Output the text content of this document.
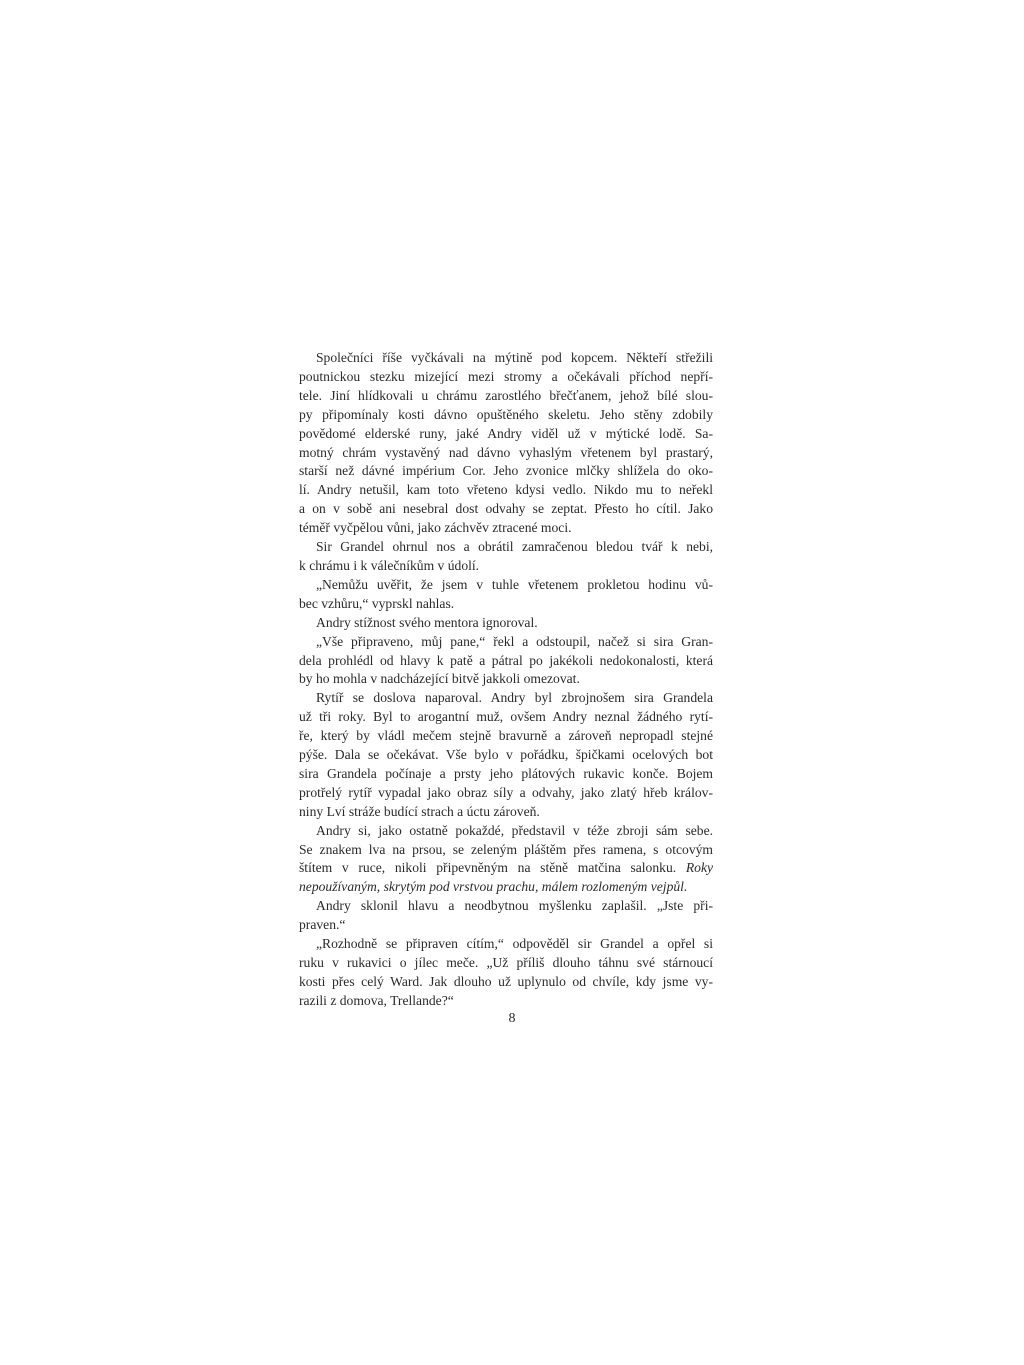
Společníci říše vyčkávali na mýtině pod kopcem. Někteří střežili
poutnickou stezku mizející mezi stromy a očekávali příchod nepří-
tele. Jiní hlídkovali u chrámu zarostlého břečťanem, jehož bílé slou-
py připomínaly kosti dávno opuštěného skeletu. Jeho stěny zdobily
povědomé elderské runy, jaké Andry viděl už v mýtické lodě. Sa-
motný chrám vystavěný nad dávno vyhaslým vřetenem byl prastarý,
starší než dávné impérium Cor. Jeho zvonice mlčky shlížela do oko-
lí. Andry netušil, kam toto vřeteno kdysi vedlo. Nikdo mu to neřekl
a on v sobě ani nesebral dost odvahy se zeptat. Přesto ho cítil. Jako
téměř vyčpělou vůni, jako záchvěv ztracené moci.

Sir Grandel ohrnul nos a obrátil zamračenou bledou tvář k nebi,
k chrámu i k válečníkům v údolí.

„Nemůžu uvěřit, že jsem v tuhle vřetenem prokletou hodinu vů-
bec vzhůru,“ vyprskl nahlas.

Andry stížnost svého mentora ignoroval.

„Vše připraveno, můj pane,“ řekl a odstoupil, načež si sira Gran-
dela prohlédl od hlavy k patě a pátral po jakékoli nedokonalosti, která
by ho mohla v nadcházející bitvě jakkoli omezovat.

Rytíř se doslova naparoval. Andry byl zbrojnošem sira Grandela
už tři roky. Byl to arogantní muž, ovšem Andry neznal žádného rytí-
ře, který by vládl mečem stejně bravurně a zároveň nepropadl stejné
pýše. Dala se očekávat. Vše bylo v pořádku, špičkami ocelových bot
sira Grandela počínaje a prsty jeho plátových rukavic konče. Bojem
protřelý rytíř vypadal jako obraz síly a odvahy, jako zlatý hřeb králov-
niny Lví stráže budící strach a úctu zároveň.

Andry si, jako ostatně pokaždé, představil v téže zbroji sám sebe.
Se znakem lva na prsou, se zeleným pláštěm přes ramena, s otcovým
štítem v ruce, nikoli připevněným na stěně matčina salonku. Roky
nepoužívaným, skrytým pod vrstvou prachu, málem rozlomeným vejpůl.

Andry sklonil hlavu a neodbytnou myšlenku zaplašil. „Jste při-
praven.“

„Rozhodně se připraven cítím,“ odpověděl sir Grandel a opřel si
ruku v rukavici o jílec meče. „Už příliš dlouho táhnu své stárnoucí
kosti přes celý Ward. Jak dlouho už uplynulo od chvíle, kdy jsme vy-
razili z domova, Trellande?“

8
